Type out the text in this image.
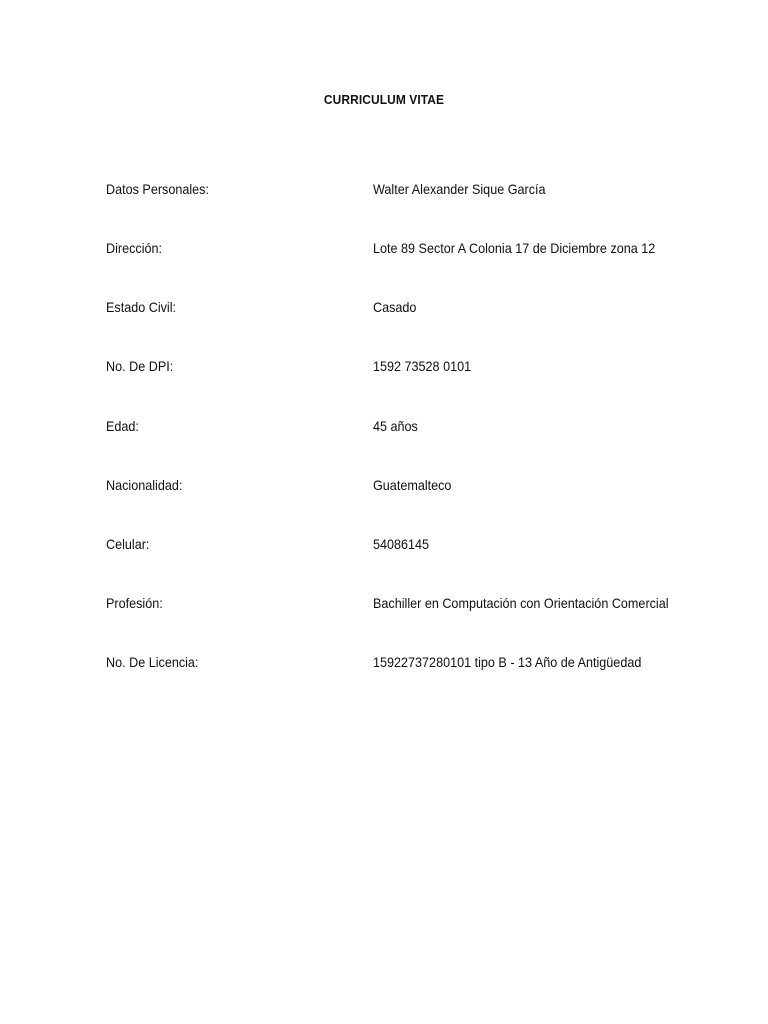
CURRICULUM VITAE
Datos Personales:	Walter Alexander Sique García
Dirección:	Lote 89 Sector A Colonia 17 de Diciembre zona 12
Estado Civil:	Casado
No. De DPI:	1592 73528 0101
Edad:	45 años
Nacionalidad:	Guatemalteco
Celular:	54086145
Profesión:	Bachiller en Computación con Orientación Comercial
No. De Licencia:	15922737280101 tipo B - 13 Año de Antigüedad
